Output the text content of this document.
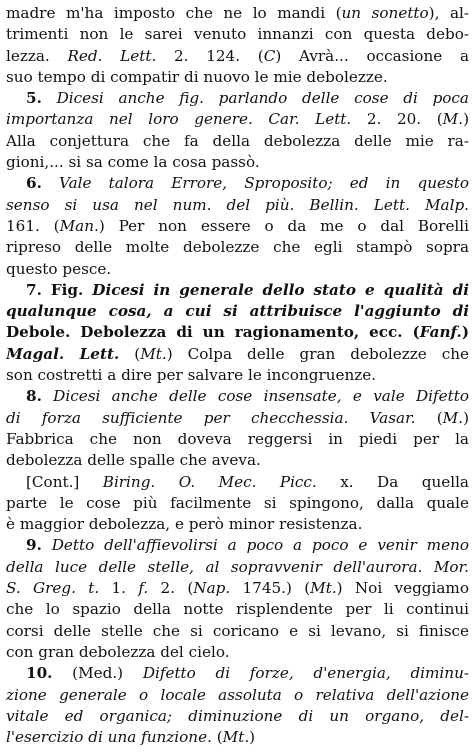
madre m'ha imposto che ne lo mandi (un sonetto), al-
trimenti non le sarei venuto innanzi con questa debo-
lezza. Red. Lett. 2. 124. (C) Avrà... occasione a
suo tempo di compatir di nuovo le mie debolezze.
5. Dicesi anche fig. parlando delle cose di poca
importanza nel loro genere. Car. Lett. 2. 20. (M.)
Alla conjettura che fa della debolezza delle mie ra-
gioni,... si sa come la cosa passò.
6. Vale talora Errore, Sproposito; ed in questo
senso si usa nel num. del più. Bellin. Lett. Malp.
161. (Man.) Per non essere o da me o dal Borelli
ripreso delle molte debolezze che egli stampò sopra
questo pesce.
7. Fig. Dicesi in generale dello stato e qualità di
qualunque cosa, a cui si attribuisce l'aggiunto di
Debole. Debolezza di un ragionamento, ecc. (Fanf.)
Magal. Lett. (Mt.) Colpa delle gran debolezze che
son costretti a dire per salvare le incongruenze.
8. Dicesi anche delle cose insensate, e vale Difetto
di forza sufficiente per checchessia. Vasar. (M.)
Fabbrica che non doveva reggersi in piedi per la
debolezza delle spalle che aveva.
[Cont.] Biring. O. Mec. Picc. x. Da quella
parte le cose più facilmente si spingono, dalla quale
è maggior debolezza, e però minor resistenza.
9. Detto dell'affievolirsi a poco a poco e venir meno
della luce delle stelle, al sopravvenir dell'aurora. Mor.
S. Greg. t. 1. f. 2. (Nap. 1745.) (Mt.) Noi veggiamo
che lo spazio della notte risplendente per li continui
corsi delle stelle che si coricano e si levano, si finisce
con gran debolezza del cielo.
10. (Med.) Difetto di forze, d'energia, diminu-
zione generale o locale assoluta o relativa dell'azione
vitale ed organica; diminuzione di un organo, del-
l'esercizio di una funzione. (Mt.)
